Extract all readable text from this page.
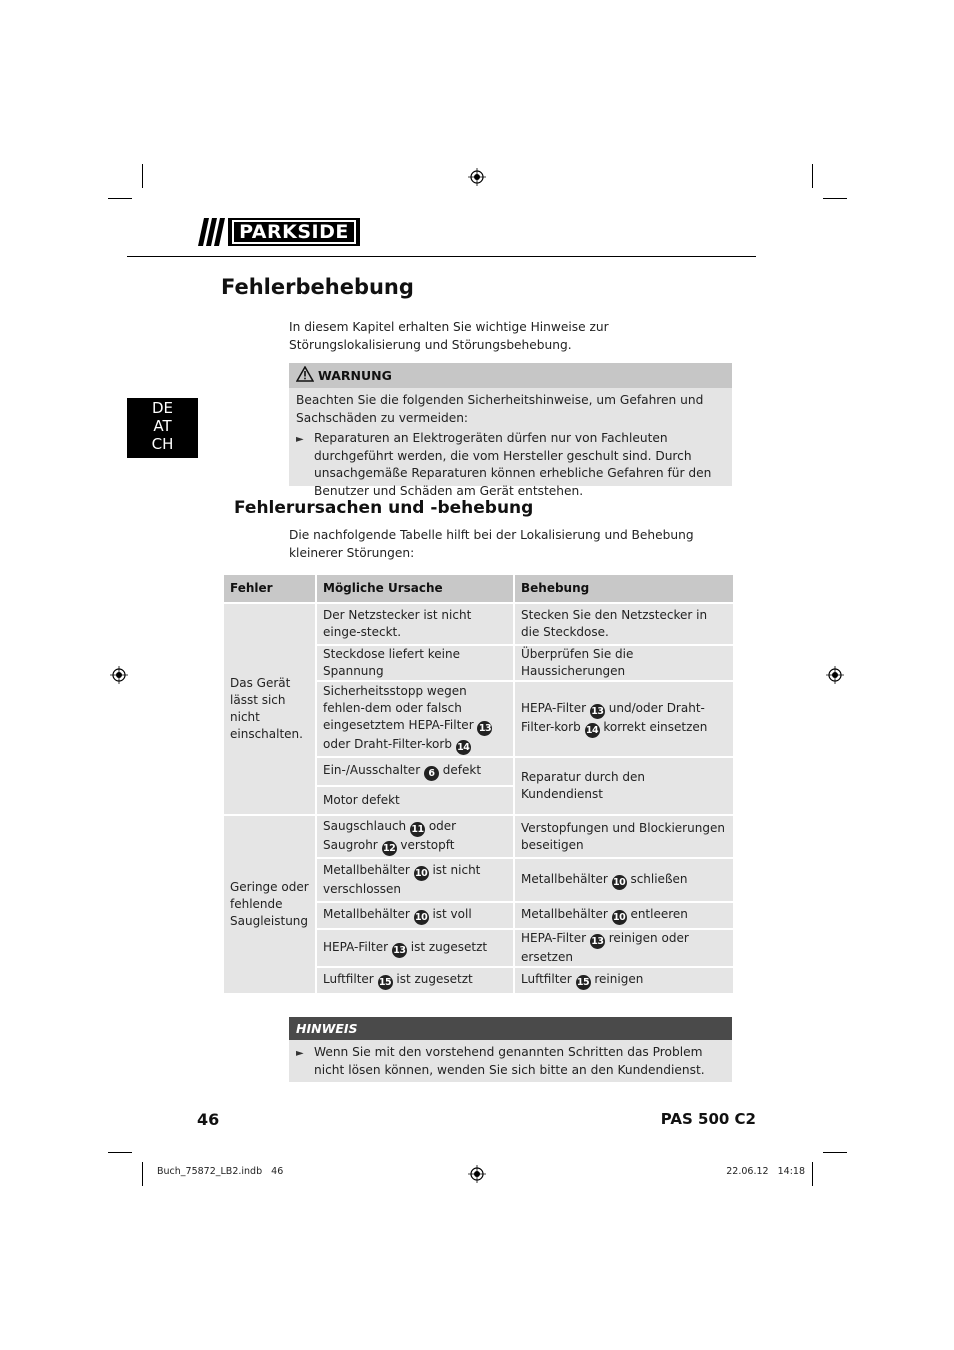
PARKSIDE
Fehlerbehebung
DE
AT
CH
In diesem Kapitel erhalten Sie wichtige Hinweise zur Störungslokalisierung und Störungsbehebung.
WARNUNG
Beachten Sie die folgenden Sicherheitshinweise, um Gefahren und Sachschäden zu vermeiden:
► Reparaturen an Elektrogeräten dürfen nur von Fachleuten durchgeführt werden, die vom Hersteller geschult sind. Durch unsachgemäße Reparaturen können erhebliche Gefahren für den Benutzer und Schäden am Gerät entstehen.
Fehlerursachen und -behebung
Die nachfolgende Tabelle hilft bei der Lokalisierung und Behebung kleinerer Störungen:
Fehler	Mögliche Ursache	Behebung
Das Gerät lässt sich nicht einschalten.	Der Netzstecker ist nicht einge-steckt.	Stecken Sie den Netzstecker in die Steckdose.
	Steckdose liefert keine Spannung	Überprüfen Sie die Haussicherungen
	Sicherheitsstopp wegen fehlen-dem oder falsch eingesetztem HEPA-Filter 13 oder Draht-Filter-korb 14	HEPA-Filter 13 und/oder Draht-Filter-korb 14 korrekt einsetzen
	Ein-/Ausschalter 6 defekt	Reparatur durch den Kundendienst
	Motor defekt	
Geringe oder fehlende Saugleistung	Saugschlauch 11 oder Saugrohr 12 verstopft	Verstopfungen und Blockierungen beseitigen
	Metallbehälter 10 ist nicht verschlossen	Metallbehälter 10 schließen
	Metallbehälter 10 ist voll	Metallbehälter 10 entleeren
	HEPA-Filter 13 ist zugesetzt	HEPA-Filter 13 reinigen oder ersetzen
	Luftfilter 15 ist zugesetzt	Luftfilter 15 reinigen
HINWEIS
► Wenn Sie mit den vorstehend genannten Schritten das Problem nicht lösen können, wenden Sie sich bitte an den Kundendienst.
46	PAS 500 C2
Buch_75872_LB2.indb   46	22.06.12   14:18
